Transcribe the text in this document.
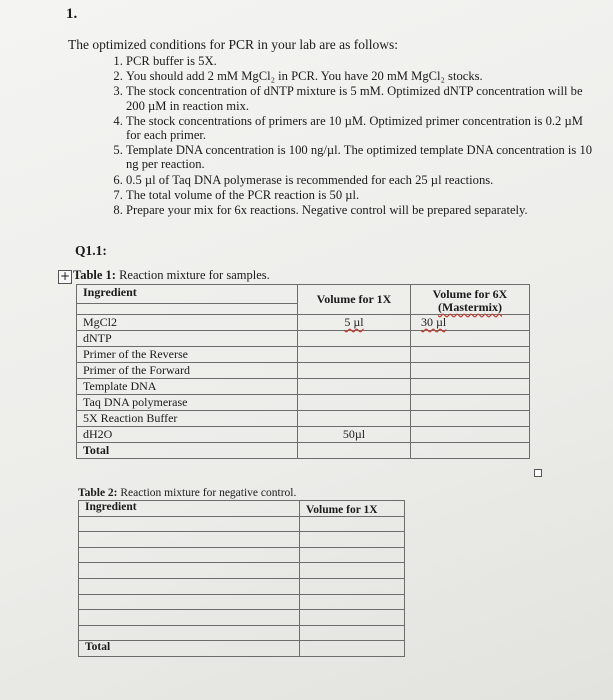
1.
The optimized conditions for PCR in your lab are as follows:
1. PCR buffer is 5X.
2. You should add 2 mM MgCl₂ in PCR. You have 20 mM MgCl₂ stocks.
3. The stock concentration of dNTP mixture is 5 mM. Optimized dNTP concentration will be 200 µM in reaction mix.
4. The stock concentrations of primers are 10 µM. Optimized primer concentration is 0.2 µM for each primer.
5. Template DNA concentration is 100 ng/µl. The optimized template DNA concentration is 10 ng per reaction.
6. 0.5 µl of Taq DNA polymerase is recommended for each 25 µl reactions.
7. The total volume of the PCR reaction is 50 µl.
8. Prepare your mix for 6x reactions. Negative control will be prepared separately.
Q1.1:
+ Table 1: Reaction mixture for samples.
Ingredient	Volume for 1X	Volume for 6X
(Mastermix)

MgCl2	5 µl	30 µl
dNTP		
Primer of the Reverse		
Primer of the Forward		
Template DNA		
Taq DNA polymerase		
5X Reaction Buffer		
dH2O	50µl	
Total		
Table 2: Reaction mixture for negative control.
Ingredient	Volume for 1X

Total	
